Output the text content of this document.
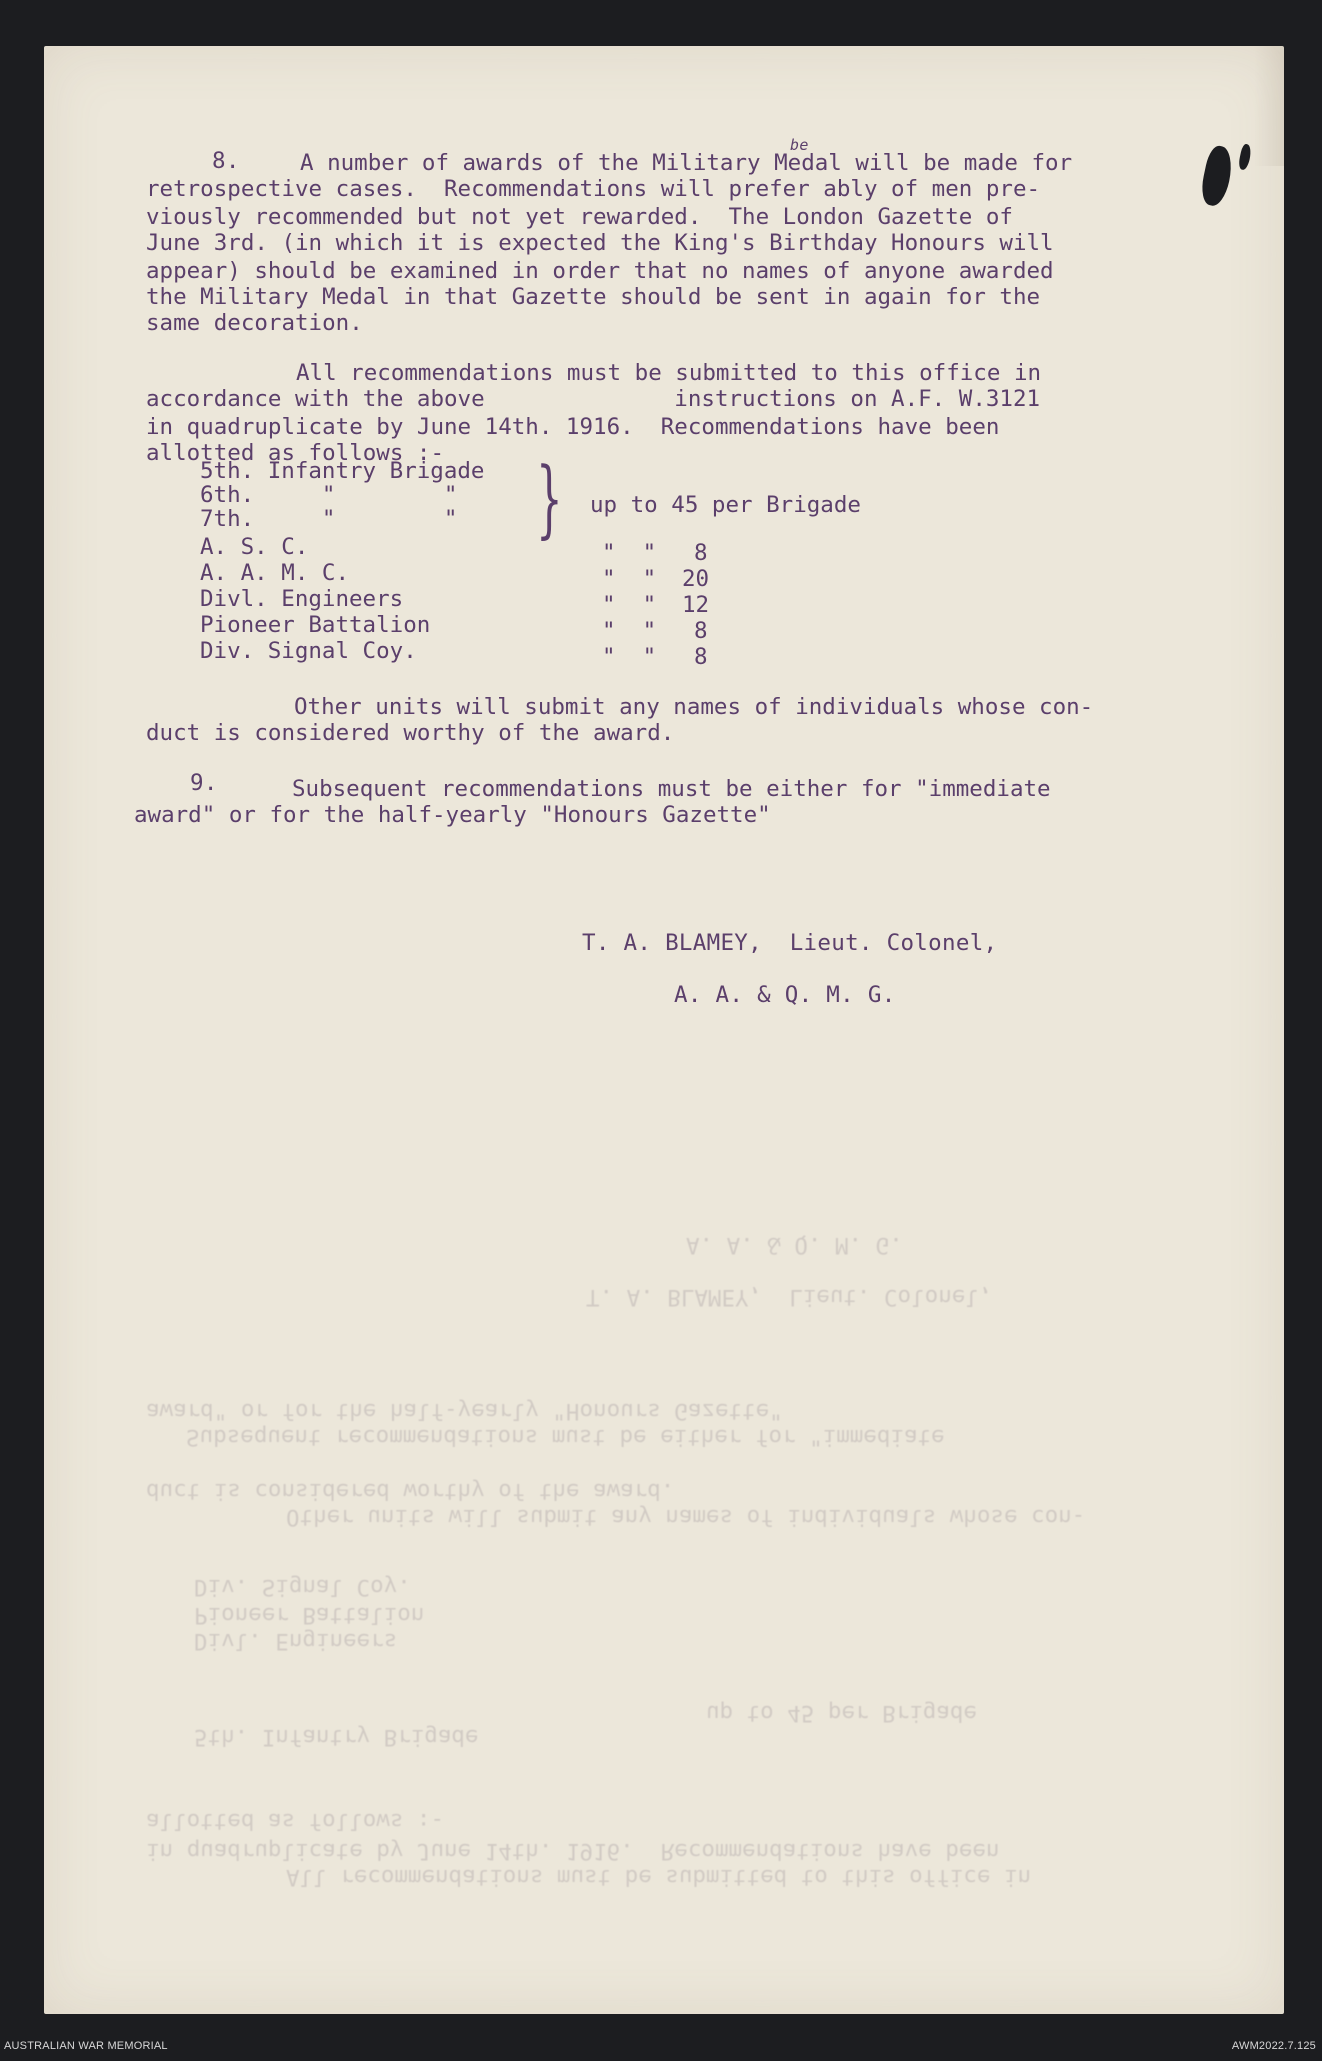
8.	A number of awards of the Military Medal will be made for
retrospective cases.  Recommendations will prefer ably of men pre-
viously recommended but not yet rewarded.  The London Gazette of
June 3rd. (in which it is expected the King's Birthday Honours will
appear) should be examined in order that no names of anyone awarded
the Military Medal in that Gazette should be sent in again for the
same decoration.
be
All recommendations must be submitted to this office in
accordance with the above              instructions on A.F. W.3121
in quadruplicate by June 14th. 1916.  Recommendations have been
allotted as follows :-
5th. Infantry Brigade
6th.     "        "
7th.     "        " } up to 45 per Brigade
A. S. C.	"  " 8
A. A. M. C.	"  " 20
Divl. Engineers	"  " 12
Pioneer Battalion	"  " 8
Div. Signal Coy.	"  " 8
Other units will submit any names of individuals whose con-
duct is considered worthy of the award.
9.	Subsequent recommendations must be either for "immediate
award" or for the half-yearly "Honours Gazette"
T. A. BLAMEY,  Lieut. Colonel,
A. A. & Q. M. G.
All recommendations must be submitted to this office in
in quadruplicate by June 14th. 1916.  Recommendations have been
allotted as follows :-
5th. Infantry Brigade
up to 45 per Brigade
Divl. Engineers
Pioneer Battalion
Div. Signal Coy.
Other units will submit any names of individuals whose con-
duct is considered worthy of the award.
Subsequent recommendations must be either for "immediate
award" or for the half-yearly "Honours Gazette"
T. A. BLAMEY,  Lieut. Colonel,
A. A. & Q. M. G.
AUSTRALIAN WAR MEMORIAL	AWM2022.7.125
